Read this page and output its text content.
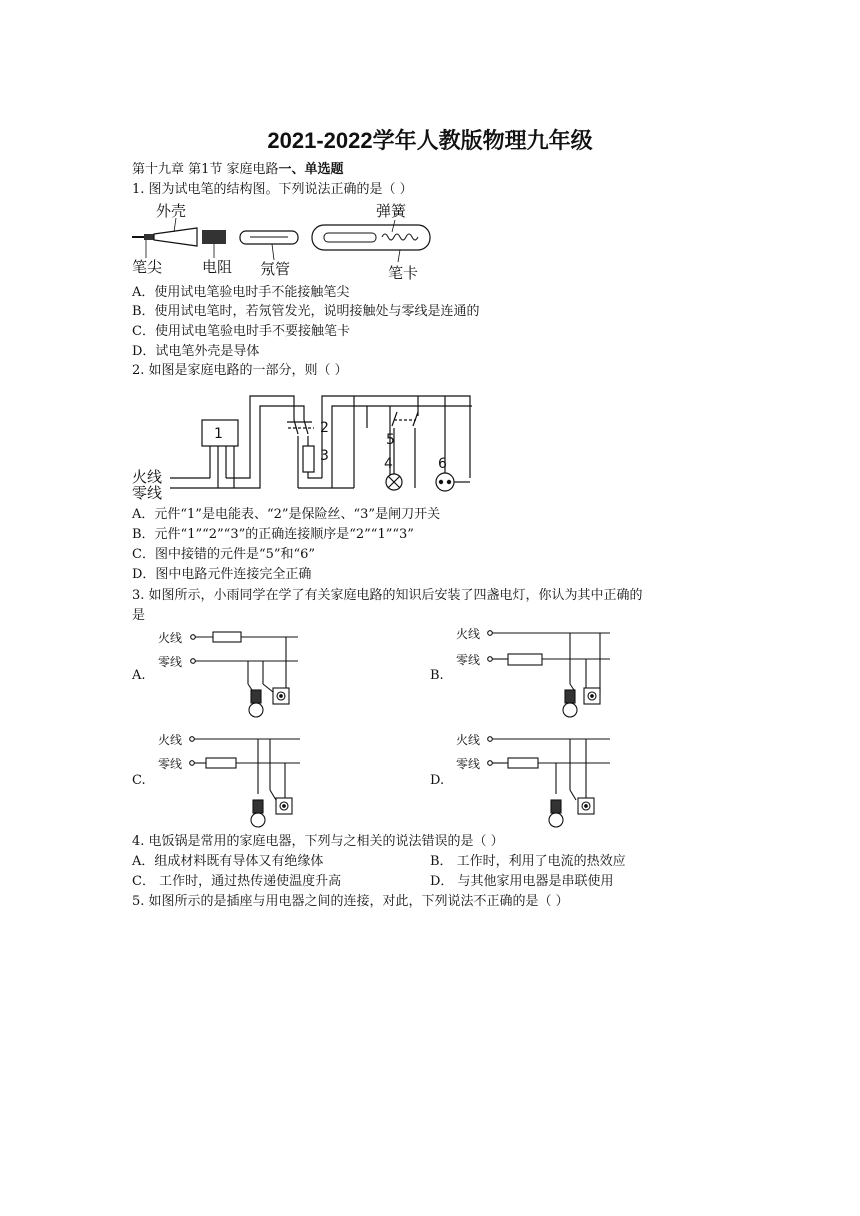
2021-2022学年人教版物理九年级
第十九章 第1节 家庭电路一、单选题
1. 图为试电笔的结构图。下列说法正确的是（ ）
外壳	弹簧
笔尖	电阻 氖管	笔卡
A．使用试电笔验电时手不能接触笔尖
B．使用试电笔时，若氖管发光，说明接触处与零线是连通的
C．使用试电笔验电时手不要接触笔卡
D．试电笔外壳是导体
2. 如图是家庭电路的一部分，则（ ）
1	2
3	4
5
6
火线
零线
A．元件“1”是电能表、“2”是保险丝、“3”是闸刀开关
B．元件“1”“2”“3”的正确连接顺序是“2”“1”“3”
C．图中接错的元件是“5”和“6”
D．图中电路元件连接完全正确
3. 如图所示，小雨同学在学了有关家庭电路的知识后安装了四盏电灯，你认为其中正确的
是
A.
火线
零线
B.
火线
零线
C.
火线
零线
D.
火线
零线
4. 电饭锅是常用的家庭电器，下列与之相关的说法错误的是（ ）
A．组成材料既有导体又有绝缘体	B． 工作时，利用了电流的热效应
C． 工作时，通过热传递使温度升高	D． 与其他家用电器是串联使用
5. 如图所示的是插座与用电器之间的连接，对此，下列说法不正确的是（ ）
